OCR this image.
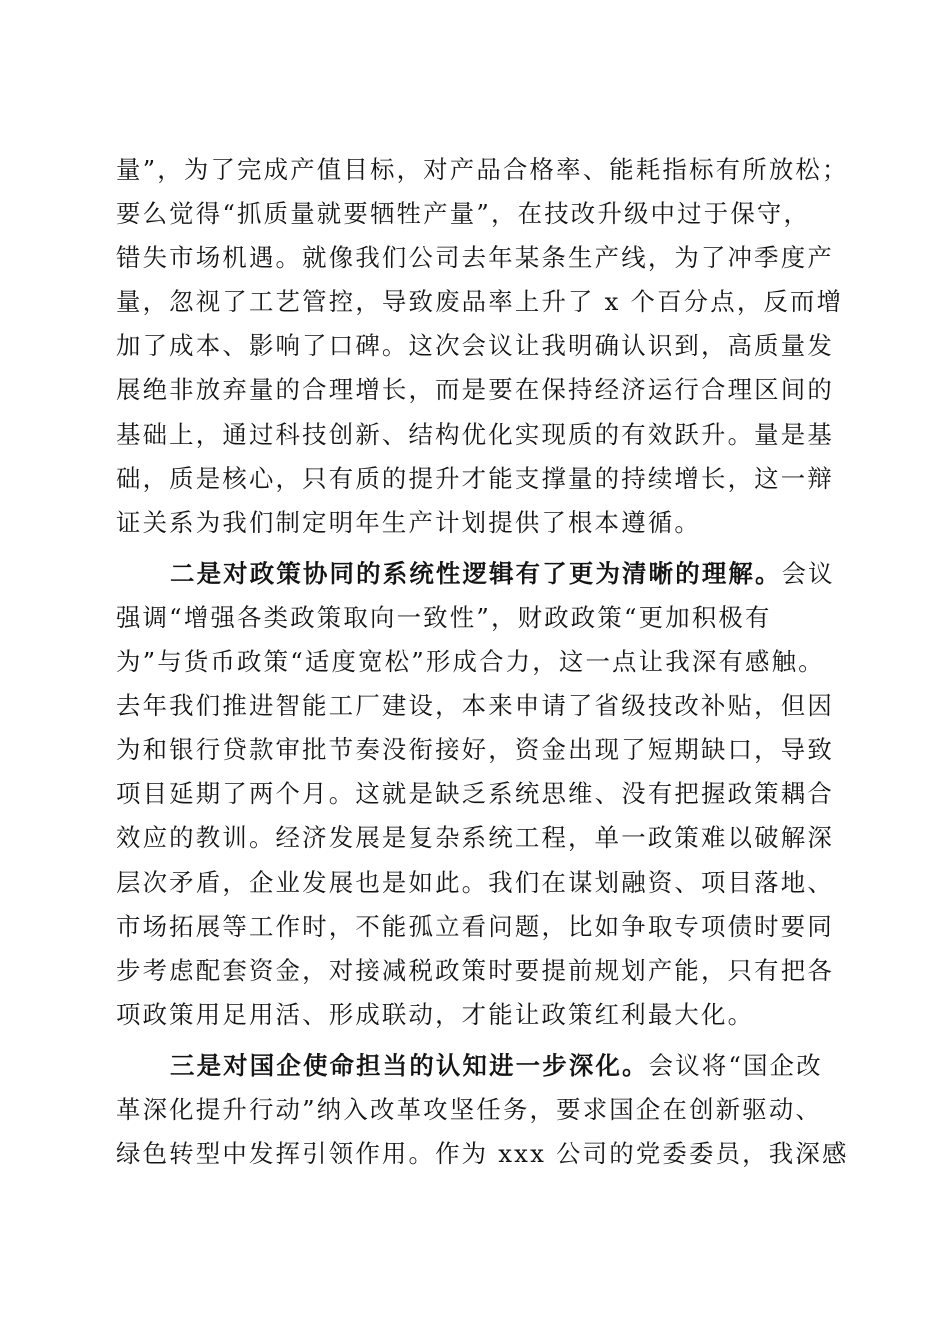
量”，为了完成产值目标，对产品合格率、能耗指标有所放松；
要么觉得“抓质量就要牺牲产量”，在技改升级中过于保守，
错失市场机遇。就像我们公司去年某条生产线，为了冲季度产
量，忽视了工艺管控，导致废品率上升了 x 个百分点，反而增
加了成本、影响了口碑。这次会议让我明确认识到，高质量发
展绝非放弃量的合理增长，而是要在保持经济运行合理区间的
基础上，通过科技创新、结构优化实现质的有效跃升。量是基
础，质是核心，只有质的提升才能支撑量的持续增长，这一辩
证关系为我们制定明年生产计划提供了根本遵循。
二是对政策协同的系统性逻辑有了更为清晰的理解。会议
强调“增强各类政策取向一致性”，财政政策“更加积极有
为”与货币政策“适度宽松”形成合力，这一点让我深有感触。
去年我们推进智能工厂建设，本来申请了省级技改补贴，但因
为和银行贷款审批节奏没衔接好，资金出现了短期缺口，导致
项目延期了两个月。这就是缺乏系统思维、没有把握政策耦合
效应的教训。经济发展是复杂系统工程，单一政策难以破解深
层次矛盾，企业发展也是如此。我们在谋划融资、项目落地、
市场拓展等工作时，不能孤立看问题，比如争取专项债时要同
步考虑配套资金，对接减税政策时要提前规划产能，只有把各
项政策用足用活、形成联动，才能让政策红利最大化。
三是对国企使命担当的认知进一步深化。会议将“国企改
革深化提升行动”纳入改革攻坚任务，要求国企在创新驱动、
绿色转型中发挥引领作用。作为 xxx 公司的党委委员，我深感
